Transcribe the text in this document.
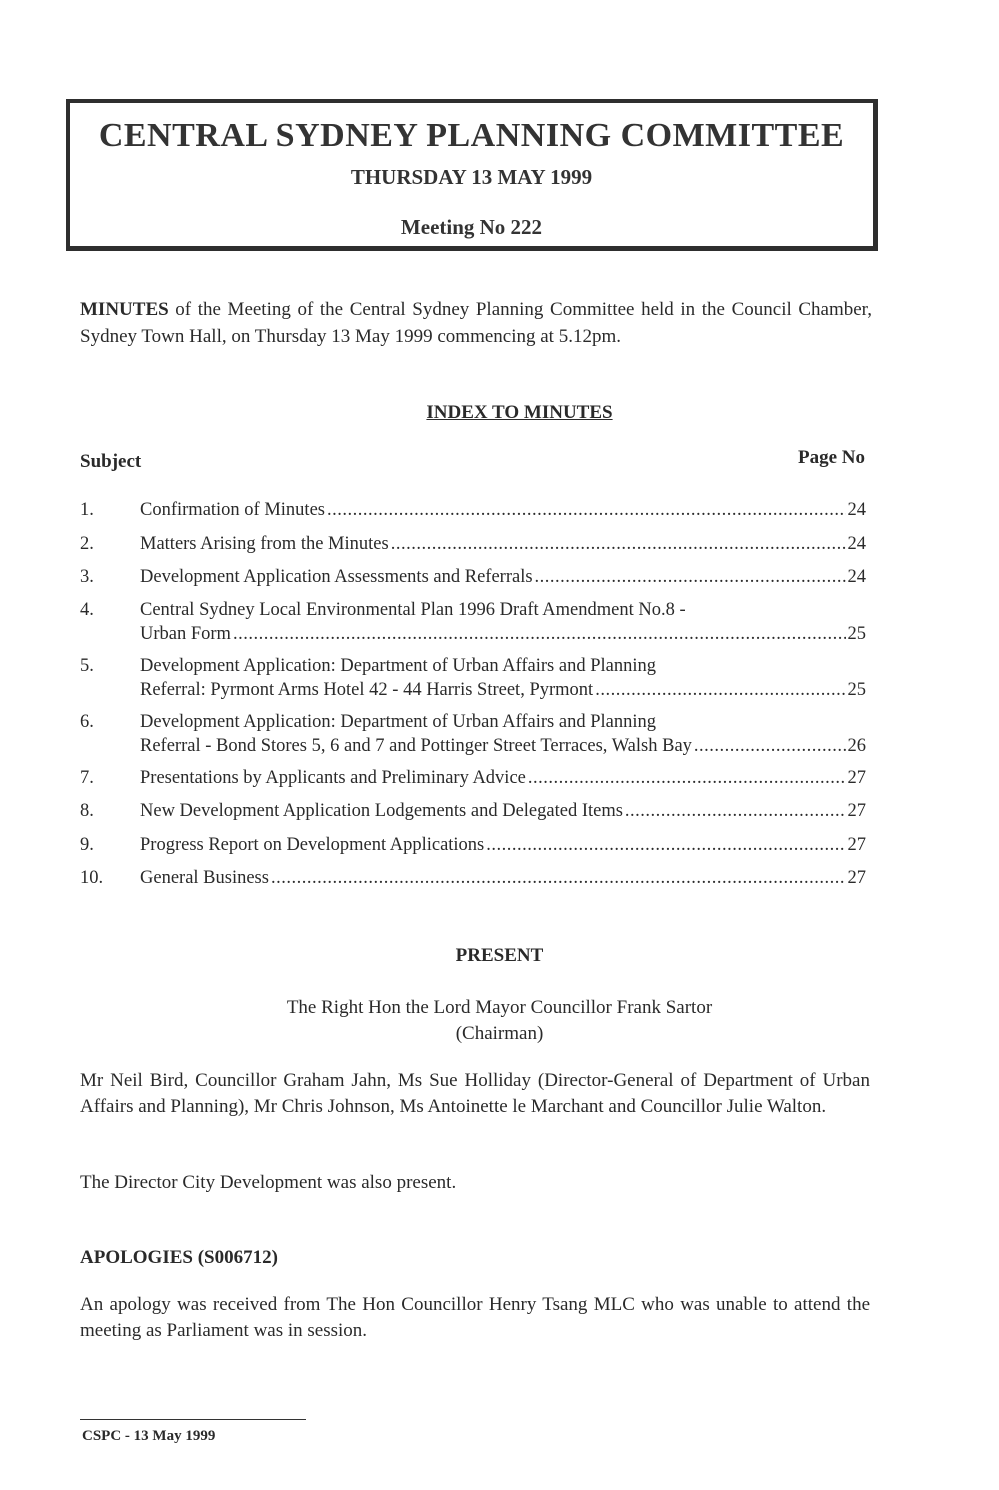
CENTRAL SYDNEY PLANNING COMMITTEE
THURSDAY 13 MAY 1999
Meeting No 222
MINUTES of the Meeting of the Central Sydney Planning Committee held in the Council Chamber, Sydney Town Hall, on Thursday 13 May 1999 commencing at 5.12pm.
INDEX TO MINUTES
Subject	Page No
1.	Confirmation of Minutes .....	24
2.	Matters Arising from the Minutes .....	24
3.	Development Application Assessments and Referrals .....	24
4.	Central Sydney Local Environmental Plan 1996 Draft Amendment No.8 -
Urban Form .....	25
5.	Development Application: Department of Urban Affairs and Planning
Referral: Pyrmont Arms Hotel 42 - 44 Harris Street, Pyrmont .....	25
6.	Development Application: Department of Urban Affairs and Planning
Referral - Bond Stores 5, 6 and 7 and Pottinger Street Terraces, Walsh Bay .....	26
7.	Presentations by Applicants and Preliminary Advice .....	27
8.	New Development Application Lodgements and Delegated Items .....	27
9.	Progress Report on Development Applications .....	27
10.	General Business .....	27
PRESENT
The Right Hon the Lord Mayor Councillor Frank Sartor
(Chairman)
Mr Neil Bird, Councillor Graham Jahn, Ms Sue Holliday (Director-General of Department of Urban Affairs and Planning), Mr Chris Johnson, Ms Antoinette le Marchant and Councillor Julie Walton.
The Director City Development was also present.
APOLOGIES (S006712)
An apology was received from The Hon Councillor Henry Tsang MLC who was unable to attend the meeting as Parliament was in session.
CSPC - 13 May 1999
